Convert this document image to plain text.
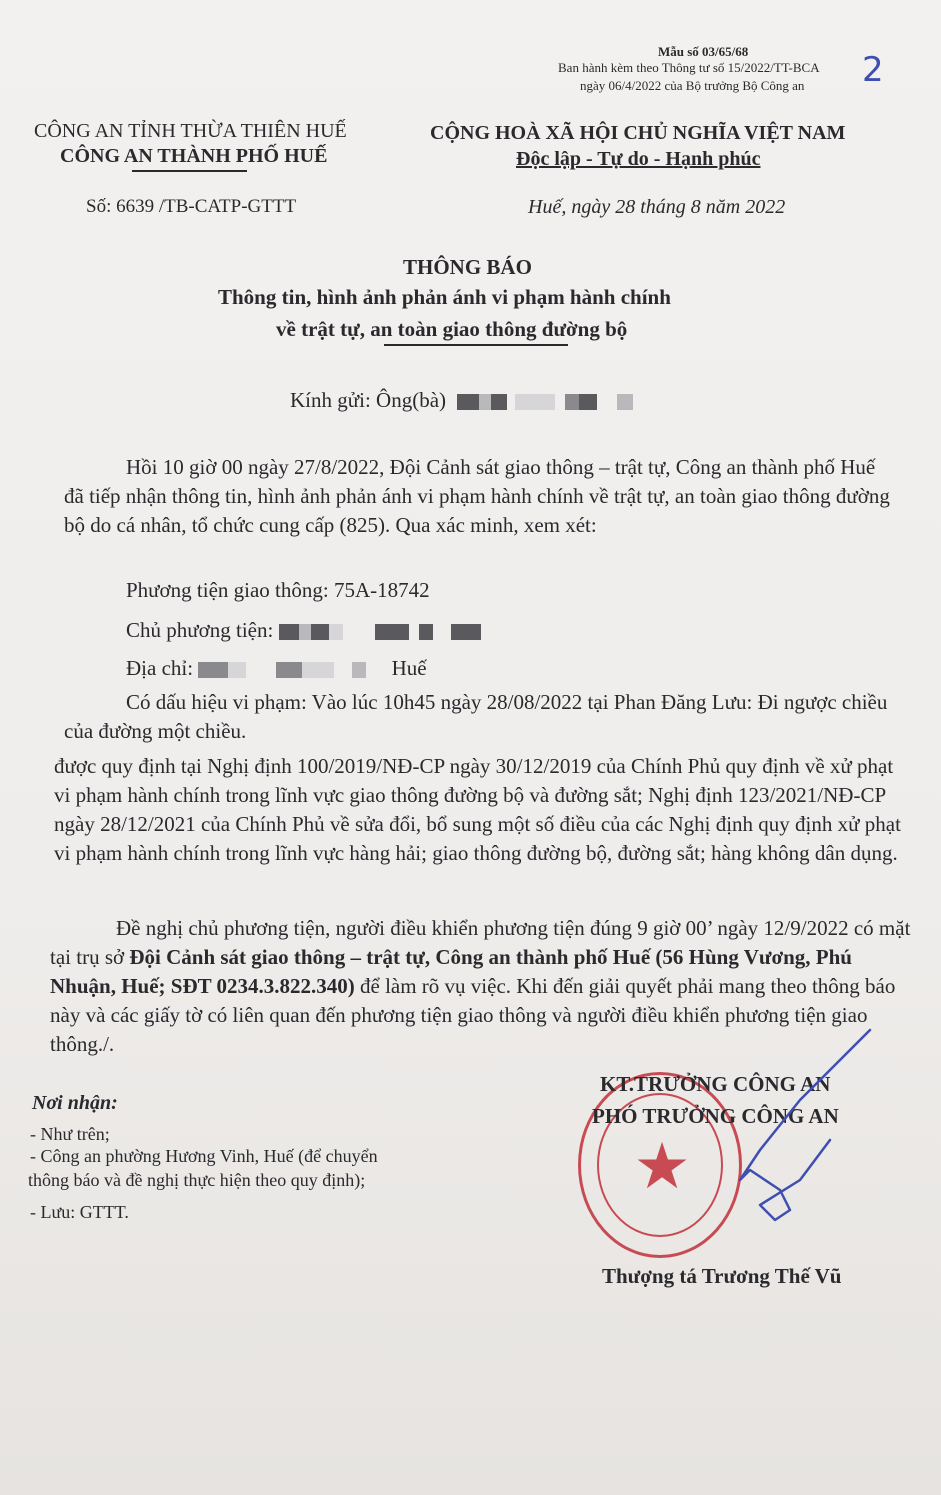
Mẫu số 03/65/68
Ban hành kèm theo Thông tư số 15/2022/TT-BCA
ngày 06/4/2022 của Bộ trưởng Bộ Công an 2
CÔNG AN TỈNH THỪA THIÊN HUẾ
CÔNG AN THÀNH PHỐ HUẾ
CỘNG HOÀ XÃ HỘI CHỦ NGHĨA VIỆT NAM
Độc lập - Tự do - Hạnh phúc
Số: 6639 /TB-CATP-GTTT	Huế, ngày 28 tháng 8 năm 2022
THÔNG BÁO
Thông tin, hình ảnh phản ánh vi phạm hành chính
về trật tự, an toàn giao thông đường bộ
Kính gửi: Ông(bà)
Hồi 10 giờ 00 ngày 27/8/2022, Đội Cảnh sát giao thông – trật tự, Công an thành phố Huế đã tiếp nhận thông tin, hình ảnh phản ánh vi phạm hành chính về trật tự, an toàn giao thông đường bộ do cá nhân, tổ chức cung cấp (825). Qua xác minh, xem xét:
Phương tiện giao thông: 75A-18742
Chủ phương tiện:
Địa chỉ:	Huế
Có dấu hiệu vi phạm: Vào lúc 10h45 ngày 28/08/2022 tại Phan Đăng Lưu: Đi ngược chiều của đường một chiều.
được quy định tại Nghị định 100/2019/NĐ-CP ngày 30/12/2019 của Chính Phủ quy định về xử phạt vi phạm hành chính trong lĩnh vực giao thông đường bộ và đường sắt; Nghị định 123/2021/NĐ-CP ngày 28/12/2021 của Chính Phủ về sửa đổi, bổ sung một số điều của các Nghị định quy định xử phạt vi phạm hành chính trong lĩnh vực hàng hải; giao thông đường bộ, đường sắt; hàng không dân dụng.
Đề nghị chủ phương tiện, người điều khiển phương tiện đúng 9 giờ 00’ ngày 12/9/2022 có mặt tại trụ sở Đội Cảnh sát giao thông – trật tự, Công an thành phố Huế (56 Hùng Vương, Phú Nhuận, Huế; SĐT 0234.3.822.340) để làm rõ vụ việc. Khi đến giải quyết phải mang theo thông báo này và các giấy tờ có liên quan đến phương tiện giao thông và người điều khiển phương tiện giao thông./.
Nơi nhận:
- Như trên;
- Công an phường Hương Vinh, Huế (để chuyển
thông báo và đề nghị thực hiện theo quy định);
- Lưu: GTTT.
★
KT.TRƯỞNG CÔNG AN
PHÓ TRƯỞNG CÔNG AN
Thượng tá Trương Thế Vũ
